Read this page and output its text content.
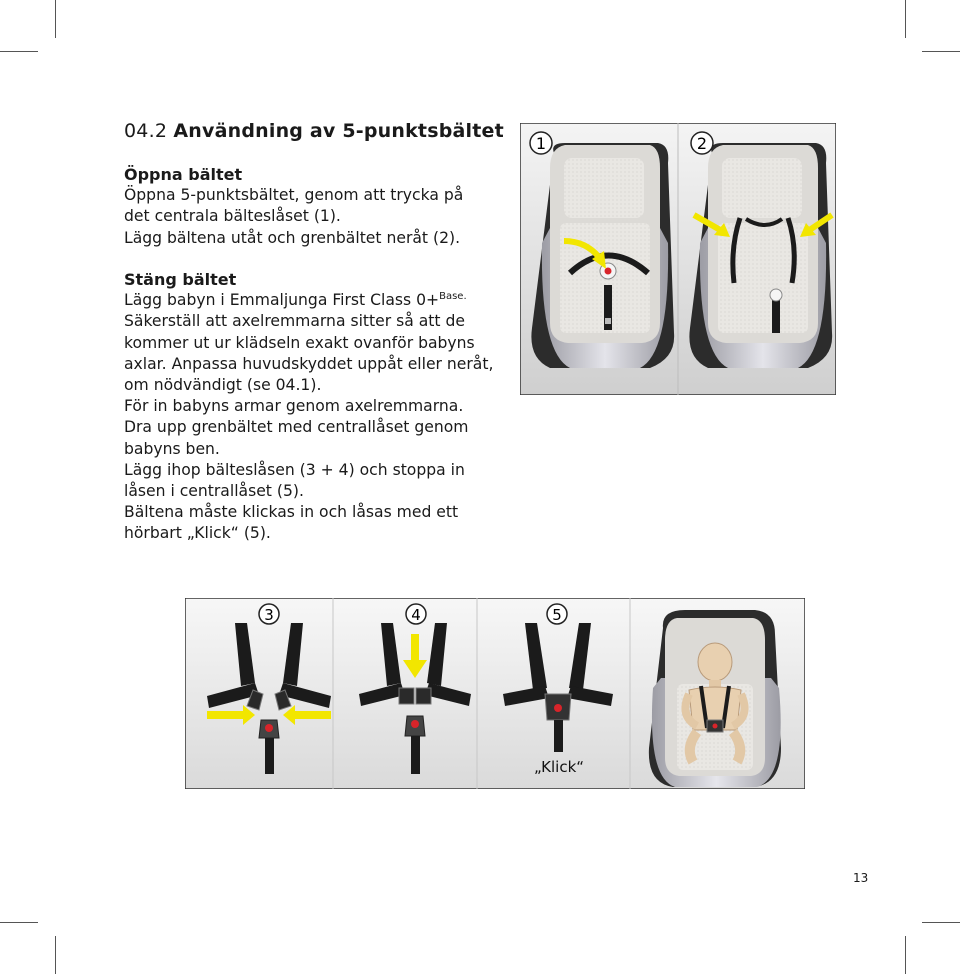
04.2 Användning av 5-punktsbältet

Öppna bältet

Öppna 5-punktsbältet, genom att trycka på

det centrala bälteslåset (1).

Lägg bältena utåt och grenbältet neråt (2).

Stäng bältet

Lägg babyn i Emmaljunga First Class 0+$^{Base.}$

Säkerställ att axelremmarna sitter så att de

kommer ut ur klädseln exakt ovanför babyns

axlar. Anpassa huvudskyddet uppåt eller neråt,

om nödvändigt (se 04.1).

För in babyns armar genom axelremmarna.

Dra upp grenbältet med centrallåset genom

babyns ben.

Lägg ihop bälteslåsen (3 + 4) och stoppa in

låsen i centrallåset (5).

Bältena måste klickas in och låsas med ett

hörbart „Klick“ (5).

1	2
„Klick“
3	4	5
13
